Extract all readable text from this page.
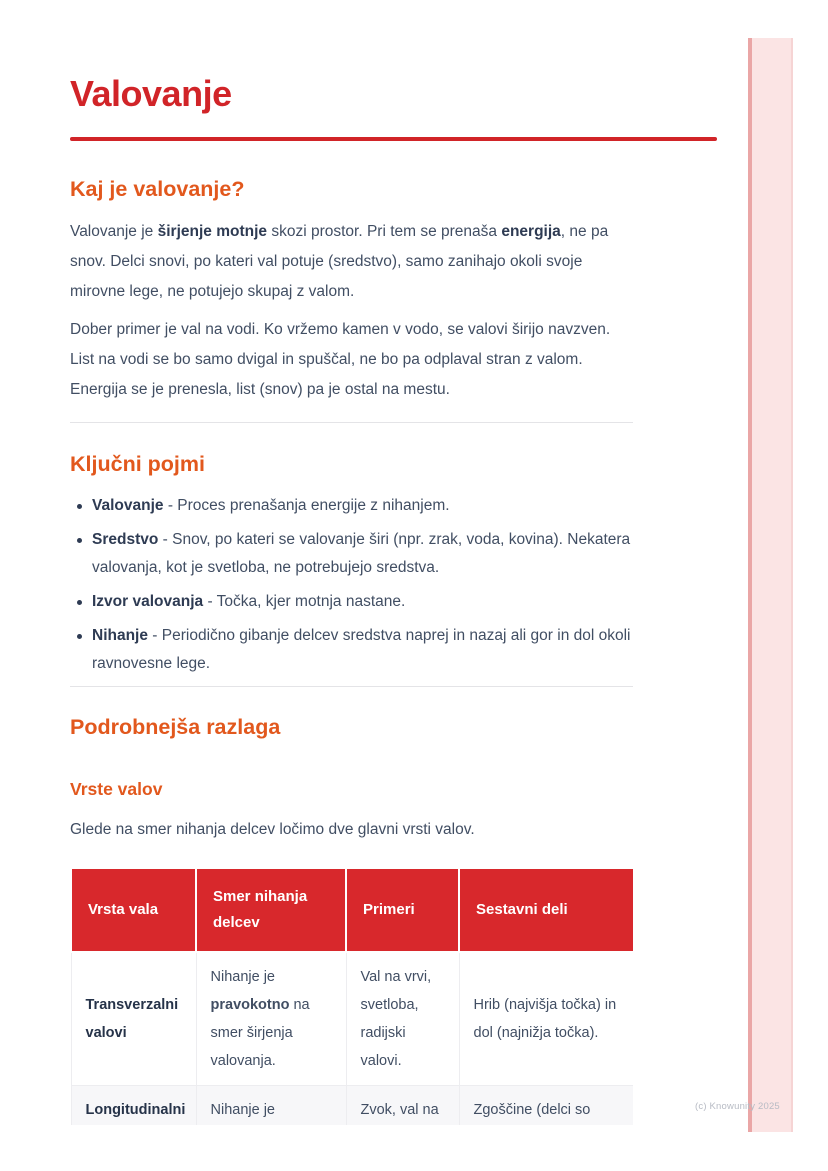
(c) Knowunity 2025
Valovanje
Kaj je valovanje?

Valovanje je širjenje motnje skozi prostor. Pri tem se prenaša energija, ne pa snov. Delci snovi, po kateri val potuje (sredstvo), samo zanihajo okoli svoje mirovne lege, ne potujejo skupaj z valom.

Dober primer je val na vodi. Ko vržemo kamen v vodo, se valovi širijo navzven. List na vodi se bo samo dvigal in spuščal, ne bo pa odplaval stran z valom. Energija se je prenesla, list (snov) pa je ostal na mestu.

Ključni pojmi
Valovanje - Proces prenašanja energije z nihanjem.
Sredstvo - Snov, po kateri se valovanje širi (npr. zrak, voda, kovina). Nekatera valovanja, kot je svetloba, ne potrebujejo sredstva.
Izvor valovanja - Točka, kjer motnja nastane.
Nihanje - Periodično gibanje delcev sredstva naprej in nazaj ali gor in dol okoli ravnovesne lege.
Podrobnejša razlaga
Vrste valov

Glede na smer nihanja delcev ločimo dve glavni vrsti valov.

Vrsta vala	Smer nihanja delcev	Primeri	Sestavni deli
Transverzalni valovi	Nihanje je pravokotno na smer širjenja valovanja.	Val na vrvi, svetloba, radijski valovi.	Hrib (najvišja točka) in dol (najnižja točka).
Longitudinalni	Nihanje je	Zvok, val na	Zgoščine (delci so
